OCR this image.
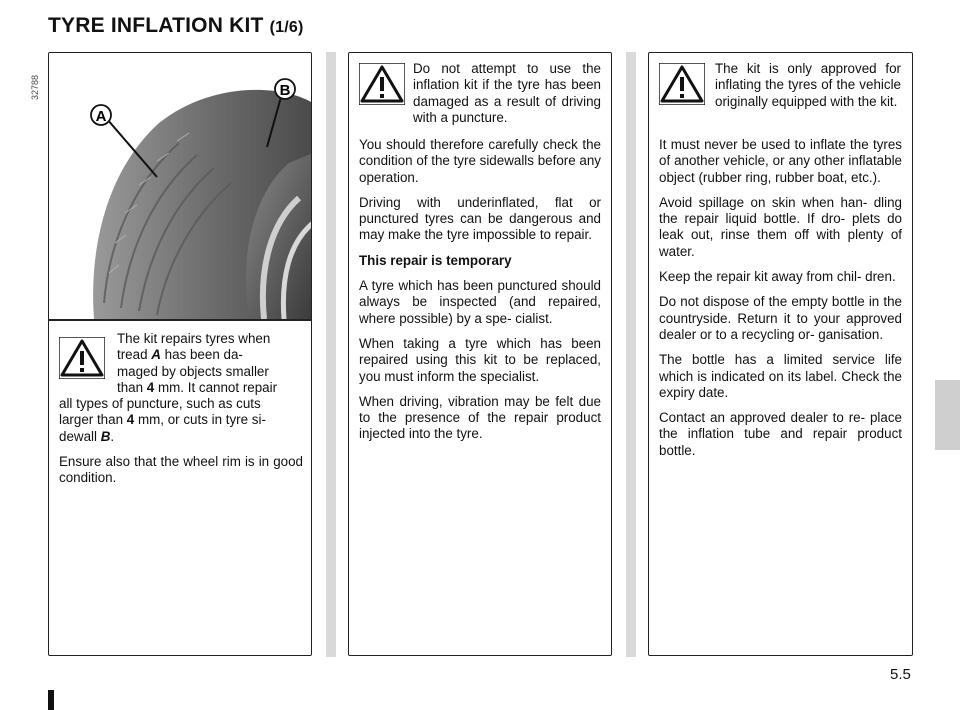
TYRE INFLATION KIT (1/6)
A
B
The kit repairs tyres when
tread A has been da-
maged by objects smaller
than 4 mm. It cannot repair
all types of puncture, such as cuts
larger than 4 mm, or cuts in tyre si-
dewall B.

Ensure also that the wheel rim is in good condition.

Do not attempt to use the inflation kit if the tyre has been damaged as a result of driving with a puncture.

You should therefore carefully check the condition of the tyre sidewalls before any operation.

Driving with underinflated, flat or punctured tyres can be dangerous and may make the tyre impossible to repair.

This repair is temporary

A tyre which has been punctured should always be inspected (and repaired, where possible) by a spe- cialist.

When taking a tyre which has been repaired using this kit to be replaced, you must inform the specialist.

When driving, vibration may be felt due to the presence of the repair product injected into the tyre.

The kit is only approved for inflating the tyres of the vehicle originally equipped with the kit.

It must never be used to inflate the tyres of another vehicle, or any other inflatable object (rubber ring, rubber boat, etc.).

Avoid spillage on skin when han- dling the repair liquid bottle. If dro- plets do leak out, rinse them off with plenty of water.

Keep the repair kit away from chil- dren.

Do not dispose of the empty bottle in the countryside. Return it to your approved dealer or to a recycling or- ganisation.

The bottle has a limited service life which is indicated on its label. Check the expiry date.

Contact an approved dealer to re- place the inflation tube and repair product bottle.

32788
5.5
